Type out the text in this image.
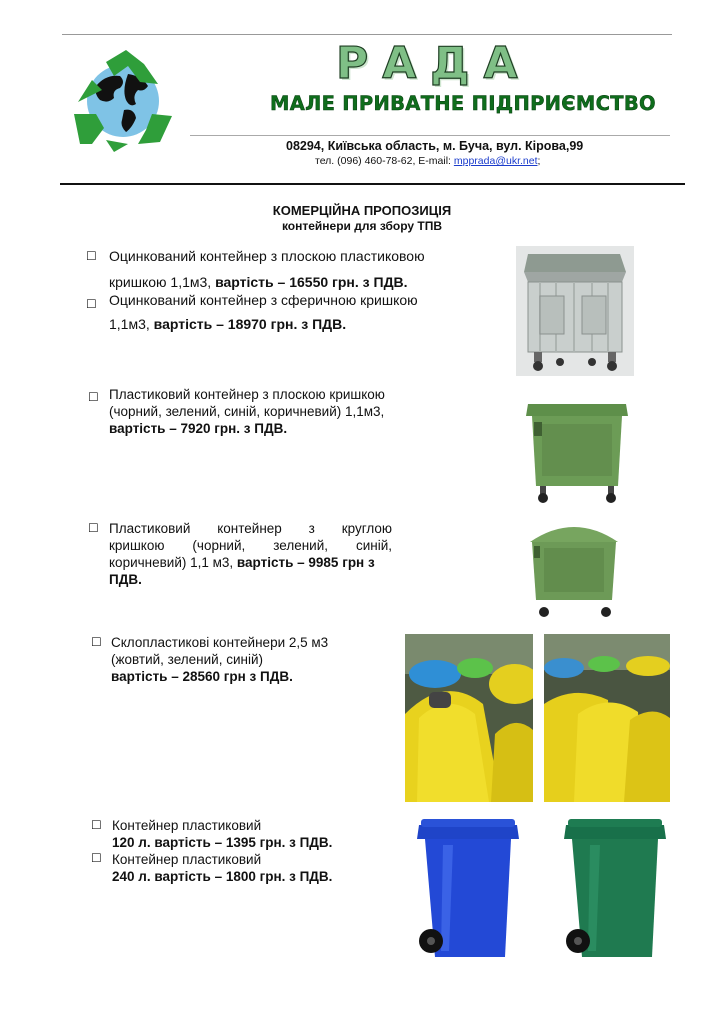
РАДА
МАЛЕ ПРИВАТНЕ ПІДПРИЄМСТВО
08294, Київська область, м. Буча, вул. Кірова,99
тел. (096) 460-78-62, E-mail: mpprada@ukr.net;
КОМЕРЦІЙНА ПРОПОЗИЦІЯ
контейнери для збору ТПВ
☐ Оцинкований контейнер з плоскою пластиковою
кришкою 1,1м3, вартість – 16550 грн. з ПДВ.
☐ Оцинкований контейнер з сферичною кришкою
1,1м3, вартість – 18970 грн. з ПДВ.
☐ Пластиковий контейнер з плоскою кришкою
(чорний, зелений, синій, коричневий) 1,1м3,
вартість – 7920 грн. з ПДВ.
☐ Пластиковий контейнер з круглою
кришкою (чорний, зелений, синій,
коричневий) 1,1 м3, вартість – 9985 грн з
ПДВ.
☐ Склопластикові контейнери 2,5 м3
(жовтий, зелений, синій)
вартість – 28560 грн з ПДВ.
☐ Контейнер пластиковий
120 л. вартість – 1395 грн. з ПДВ.
☐ Контейнер пластиковий
240 л. вартість – 1800 грн. з ПДВ.
